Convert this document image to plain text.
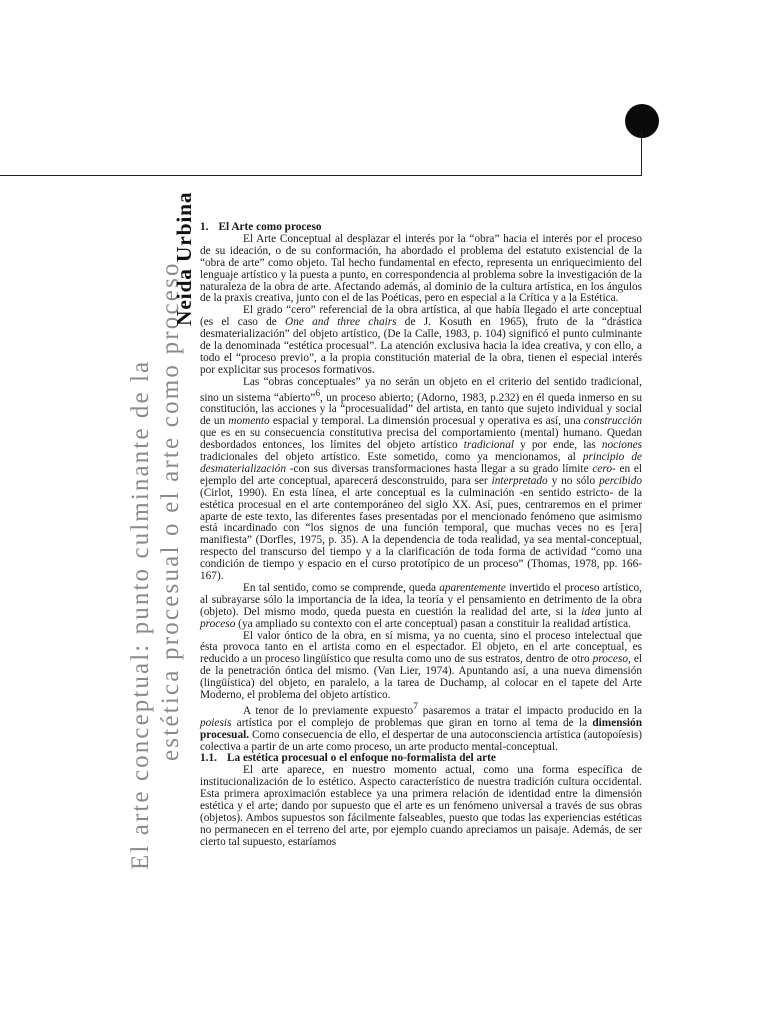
El arte conceptual: punto culminante de la estética procesual o el arte como proceso
Neida Urbina 1. El Arte como proceso

El Arte Conceptual al desplazar el interés por la “obra” hacia el interés por el proceso de su ideación, o de su conformación, ha abordado el problema del estatuto existencial de la “obra de arte” como objeto. Tal hecho fundamental en efecto, representa un enriquecimiento del lenguaje artístico y la puesta a punto, en correspondencia al problema sobre la investigación de la naturaleza de la obra de arte. Afectando además, al dominio de la cultura artística, en los ángulos de la praxis creativa, junto con el de las Poéticas, pero en especial a la Crítica y a la Estética.

El grado “cero” referencial de la obra artística, al que había llegado el arte conceptual (es el caso de One and three chairs de J. Kosuth en 1965), fruto de la “drástica desmaterialización” del objeto artístico, (De la Calle, 1983, p. 104) significó el punto culminante de la denominada “estética procesual”. La atención exclusiva hacia la idea creativa, y con ello, a todo el “proceso previo”, a la propia constitución material de la obra, tienen el especial interés por explicitar sus procesos formativos.

Las “obras conceptuales” ya no serán un objeto en el criterio del sentido tradicional, sino un sistema “abierto”$^6$, un proceso abierto; (Adorno, 1983, p.232) en él queda inmerso en su constitución, las acciones y la “procesualidad” del artista, en tanto que sujeto individual y social de un momento espacial y temporal. La dimensión procesual y operativa es así, una construcción que es en su consecuencia constitutiva precisa del comportamiento (mental) humano. Quedan desbordados entonces, los límites del objeto artístico tradicional y por ende, las nociones tradicionales del objeto artístico. Este sometido, como ya mencionamos, al principio de desmaterialización -con sus diversas transformaciones hasta llegar a su grado límite cero- en el ejemplo del arte conceptual, aparecerá desconstruido, para ser interpretado y no sólo percibido (Cirlot, 1990). En esta línea, el arte conceptual es la culminación -en sentido estricto- de la estética procesual en el arte contemporáneo del siglo XX. Así, pues, centraremos en el primer aparte de este texto, las diferentes fases presentadas por el mencionado fenómeno que asimismo está incardinado con “los signos de una función temporal, que muchas veces no es [era] manifiesta” (Dorfles, 1975, p. 35). A la dependencia de toda realidad, ya sea mental-conceptual, respecto del transcurso del tiempo y a la clarificación de toda forma de actividad “como una condición de tiempo y espacio en el curso prototípico de un proceso” (Thomas, 1978, pp. 166-167).

En tal sentido, como se comprende, queda aparentemente invertido el proceso artístico, al subrayarse sólo la importancia de la idea, la teoría y el pensamiento en detrimento de la obra (objeto). Del mismo modo, queda puesta en cuestión la realidad del arte, si la idea junto al proceso (ya ampliado su contexto con el arte conceptual) pasan a constituir la realidad artística.

El valor óntico de la obra, en sí misma, ya no cuenta, sino el proceso intelectual que ésta provoca tanto en el artista como en el espectador. El objeto, en el arte conceptual, es reducido a un proceso lingüístico que resulta como uno de sus estratos, dentro de otro proceso, el de la penetración óntica del mismo. (Van Lier, 1974). Apuntando así, a una nueva dimensión (lingüística) del objeto, en paralelo, a la tarea de Duchamp, al colocar en el tapete del Arte Moderno, el problema del objeto artístico.

A tenor de lo previamente expuesto$^7$ pasaremos a tratar el impacto producido en la poiesis artística por el complejo de problemas que giran en torno al tema de la dimensión procesual. Como consecuencia de ello, el despertar de una autoconsciencia artística (autopoíesis) colectiva a partir de un arte como proceso, un arte producto mental-conceptual.

1.1. La estética procesual o el enfoque no-formalista del arte

El arte aparece, en nuestro momento actual, como una forma específica de institucionalización de lo estético. Aspecto característico de nuestra tradición cultura occidental. Esta primera aproximación establece ya una primera relación de identidad entre la dimensión estética y el arte; dando por supuesto que el arte es un fenómeno universal a través de sus obras (objetos). Ambos supuestos son fácilmente falseables, puesto que todas las experiencias estéticas no permanecen en el terreno del arte, por ejemplo cuando apreciamos un paisaje. Además, de ser cierto tal supuesto, estaríamos
